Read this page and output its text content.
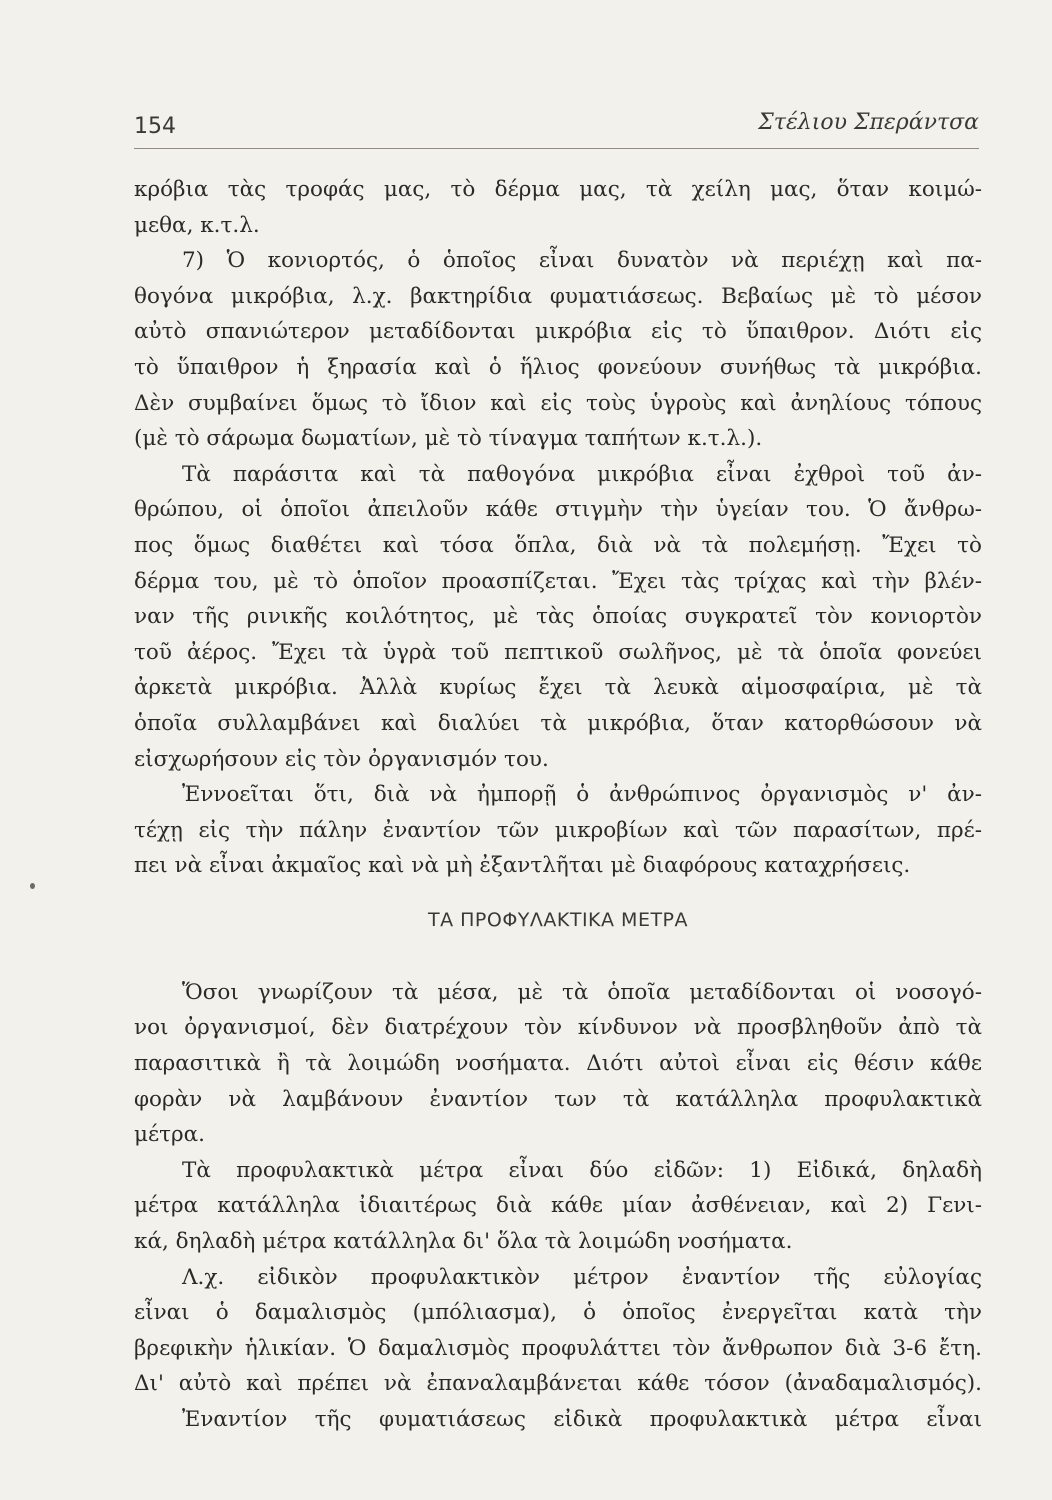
154	Στέλιου Σπεράντσα
κρόβια τὰς τροφάς μας, τὸ δέρμα μας, τὰ χείλη μας, ὅταν κοιμώ-
μεθα, κ.τ.λ.
7) Ὁ κονιορτός, ὁ ὁποῖος εἶναι δυνατὸν νὰ περιέχῃ καὶ πα-
θογόνα μικρόβια, λ.χ. βακτηρίδια φυματιάσεως. Βεβαίως μὲ τὸ μέσον
αὐτὸ σπανιώτερον μεταδίδονται μικρόβια εἰς τὸ ὕπαιθρον. Διότι εἰς
τὸ ὕπαιθρον ἡ ξηρασία καὶ ὁ ἥλιος φονεύουν συνήθως τὰ μικρόβια.
Δὲν συμβαίνει ὅμως τὸ ἴδιον καὶ εἰς τοὺς ὑγροὺς καὶ ἀνηλίους τόπους
(μὲ τὸ σάρωμα δωματίων, μὲ τὸ τίναγμα ταπήτων κ.τ.λ.).
Τὰ παράσιτα καὶ τὰ παθογόνα μικρόβια εἶναι ἐχθροὶ τοῦ ἀν-
θρώπου, οἱ ὁποῖοι ἀπειλοῦν κάθε στιγμὴν τὴν ὑγείαν του. Ὁ ἄνθρω-
πος ὅμως διαθέτει καὶ τόσα ὅπλα, διὰ νὰ τὰ πολεμήσῃ. Ἔχει τὸ
δέρμα του, μὲ τὸ ὁποῖον προασπίζεται. Ἔχει τὰς τρίχας καὶ τὴν βλέν-
ναν τῆς ρινικῆς κοιλότητος, μὲ τὰς ὁποίας συγκρατεῖ τὸν κονιορτὸν
τοῦ ἀέρος. Ἔχει τὰ ὑγρὰ τοῦ πεπτικοῦ σωλῆνος, μὲ τὰ ὁποῖα φονεύει
ἀρκετὰ μικρόβια. Ἀλλὰ κυρίως ἔχει τὰ λευκὰ αἱμοσφαίρια, μὲ τὰ
ὁποῖα συλλαμβάνει καὶ διαλύει τὰ μικρόβια, ὅταν κατορθώσουν νὰ
εἰσχωρήσουν εἰς τὸν ὀργανισμόν του.
Ἐννοεῖται ὅτι, διὰ νὰ ἠμπορῇ ὁ ἀνθρώπινος ὀργανισμὸς ν' ἀν-
τέχῃ εἰς τὴν πάλην ἐναντίον τῶν μικροβίων καὶ τῶν παρασίτων, πρέ-
πει νὰ εἶναι ἀκμαῖος καὶ νὰ μὴ ἐξαντλῆται μὲ διαφόρους καταχρήσεις.
ΤΑ ΠΡΟΦΥΛΑΚΤΙΚΑ ΜΕΤΡΑ
Ὅσοι γνωρίζουν τὰ μέσα, μὲ τὰ ὁποῖα μεταδίδονται οἱ νοσογό-
νοι ὀργανισμοί, δὲν διατρέχουν τὸν κίνδυνον νὰ προσβληθοῦν ἀπὸ τὰ
παρασιτικὰ ἢ τὰ λοιμώδη νοσήματα. Διότι αὐτοὶ εἶναι εἰς θέσιν κάθε
φορὰν νὰ λαμβάνουν ἐναντίον των τὰ κατάλληλα προφυλακτικὰ
μέτρα.
Τὰ προφυλακτικὰ μέτρα εἶναι δύο εἰδῶν: 1) Εἰδικά, δηλαδὴ
μέτρα κατάλληλα ἰδιαιτέρως διὰ κάθε μίαν ἀσθένειαν, καὶ 2) Γενι-
κά, δηλαδὴ μέτρα κατάλληλα δι' ὅλα τὰ λοιμώδη νοσήματα.
Λ.χ. εἰδικὸν προφυλακτικὸν μέτρον ἐναντίον τῆς εὐλογίας
εἶναι ὁ δαμαλισμὸς (μπόλιασμα), ὁ ὁποῖος ἐνεργεῖται κατὰ τὴν
βρεφικὴν ἡλικίαν. Ὁ δαμαλισμὸς προφυλάττει τὸν ἄνθρωπον διὰ 3-6 ἔτη.
Δι' αὐτὸ καὶ πρέπει νὰ ἐπαναλαμβάνεται κάθε τόσον (ἀναδαμαλισμός).
Ἐναντίον τῆς φυματιάσεως εἰδικὰ προφυλακτικὰ μέτρα εἶναι
